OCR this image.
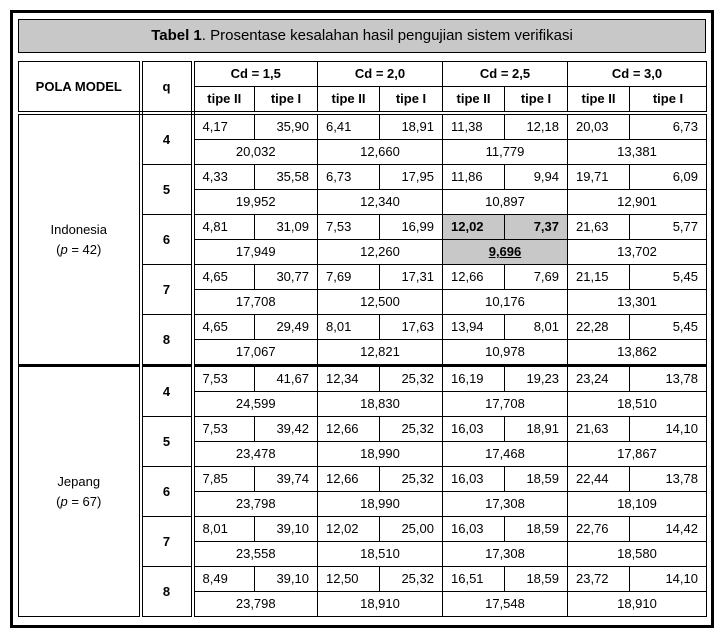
Tabel 1. Prosentase kesalahan hasil pengujian sistem verifikasi
POLA MODEL	q	Cd = 1,5		Cd = 2,0		Cd = 2,5		Cd = 3,0	
		tipe II	tipe I	tipe II	tipe I	tipe II	tipe I	tipe II	tipe I

Indonesia
(p = 42)	4	4,17	35,90	6,41	18,91	11,38	12,18	20,03	6,73
		20,032		12,660		11,779		13,381	
	5	4,33	35,58	6,73	17,95	11,86	9,94	19,71	6,09
		19,952		12,340		10,897		12,901	
	6	4,81	31,09	7,53	16,99	12,02	7,37	21,63	5,77
		17,949		12,260		9,696		13,702	
	7	4,65	30,77	7,69	17,31	12,66	7,69	21,15	5,45
		17,708		12,500		10,176		13,301	
	8	4,65	29,49	8,01	17,63	13,94	8,01	22,28	5,45
		17,067		12,821		10,978		13,862	

Jepang
(p = 67)	4	7,53	41,67	12,34	25,32	16,19	19,23	23,24	13,78
		24,599		18,830		17,708		18,510	
	5	7,53	39,42	12,66	25,32	16,03	18,91	21,63	14,10
		23,478		18,990		17,468		17,867	
	6	7,85	39,74	12,66	25,32	16,03	18,59	22,44	13,78
		23,798		18,990		17,308		18,109	
	7	8,01	39,10	12,02	25,00	16,03	18,59	22,76	14,42
		23,558		18,510		17,308		18,580	
	8	8,49	39,10	12,50	25,32	16,51	18,59	23,72	14,10
		23,798		18,910		17,548		18,910	
